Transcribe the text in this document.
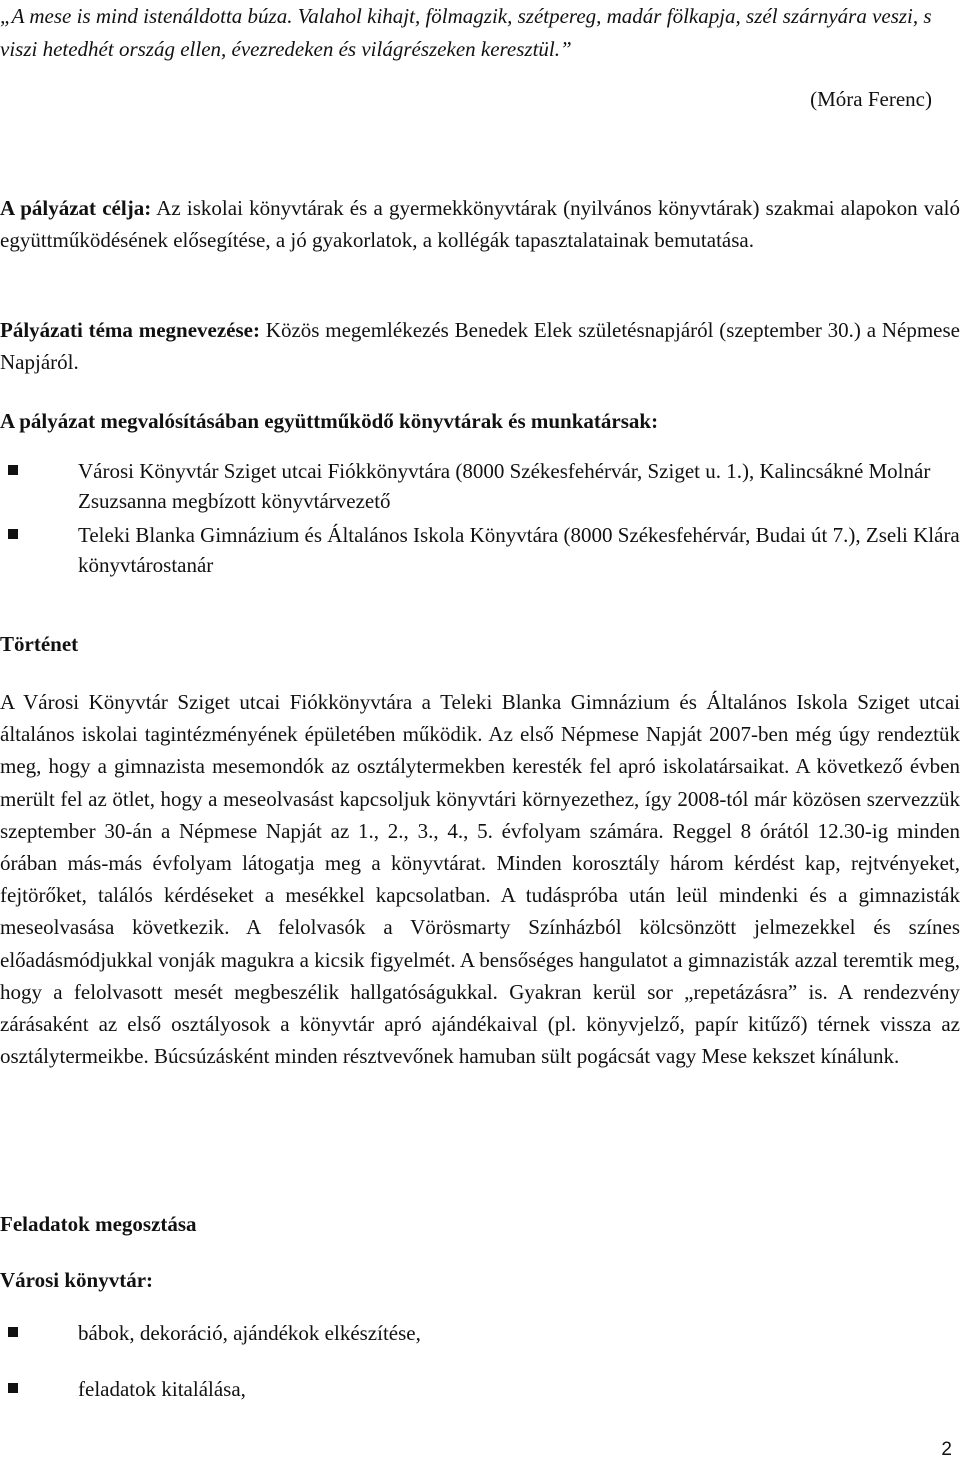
„A mese is mind istenáldotta búza. Valahol kihajt, fölmagzik, szétpereg, madár fölkapja, szél szárnyára veszi, s viszi hetedhét ország ellen, évezredeken és világrészeken keresztül.”

(Móra Ferenc)

A pályázat célja: Az iskolai könyvtárak és a gyermekkönyvtárak (nyilvános könyvtárak) szakmai alapokon való együttműködésének elősegítése, a jó gyakorlatok, a kollégák tapasztalatainak bemutatása.

Pályázati téma megnevezése: Közös megemlékezés Benedek Elek születésnapjáról (szeptember 30.) a Népmese Napjáról.

A pályázat megvalósításában együttműködő könyvtárak és munkatársak:

Városi Könyvtár Sziget utcai Fiókkönyvtára (8000 Székesfehérvár, Sziget u. 1.), Kalincsákné Molnár Zsuzsanna megbízott könyvtárvezető
Teleki Blanka Gimnázium és Általános Iskola Könyvtára (8000 Székesfehérvár, Budai út 7.), Zseli Klára könyvtárostanár

Történet

A Városi Könyvtár Sziget utcai Fiókkönyvtára a Teleki Blanka Gimnázium és Általános Iskola Sziget utcai általános iskolai tagintézményének épületében működik. Az első Népmese Napját 2007-ben még úgy rendeztük meg, hogy a gimnazista mesemondók az osztálytermekben keresték fel apró iskolatársaikat. A következő évben merült fel az ötlet, hogy a meseolvasást kapcsoljuk könyvtári környezethez, így 2008-tól már közösen szervezzük szeptember 30-án a Népmese Napját az 1., 2., 3., 4., 5. évfolyam számára. Reggel 8 órától 12.30-ig minden órában más-más évfolyam látogatja meg a könyvtárat. Minden korosztály három kérdést kap, rejtvényeket, fejtörőket, találós kérdéseket a mesékkel kapcsolatban. A tudáspróba után leül mindenki és a gimnazisták meseolvasása következik. A felolvasók a Vörösmarty Színházból kölcsönzött jelmezekkel és színes előadásmódjukkal vonják magukra a kicsik figyelmét. A bensőséges hangulatot a gimnazisták azzal teremtik meg, hogy a felolvasott mesét megbeszélik hallgatóságukkal. Gyakran kerül sor „repetázásra” is. A rendezvény zárásaként az első osztályosok a könyvtár apró ajándékaival (pl. könyvjelző, papír kitűző) térnek vissza az osztálytermeikbe. Búcsúzásként minden résztvevőnek hamuban sült pogácsát vagy Mese kekszet kínálunk.

Feladatok megosztása

Városi könyvtár:

bábok, dekoráció, ajándékok elkészítése,
feladatok kitalálása,
2
